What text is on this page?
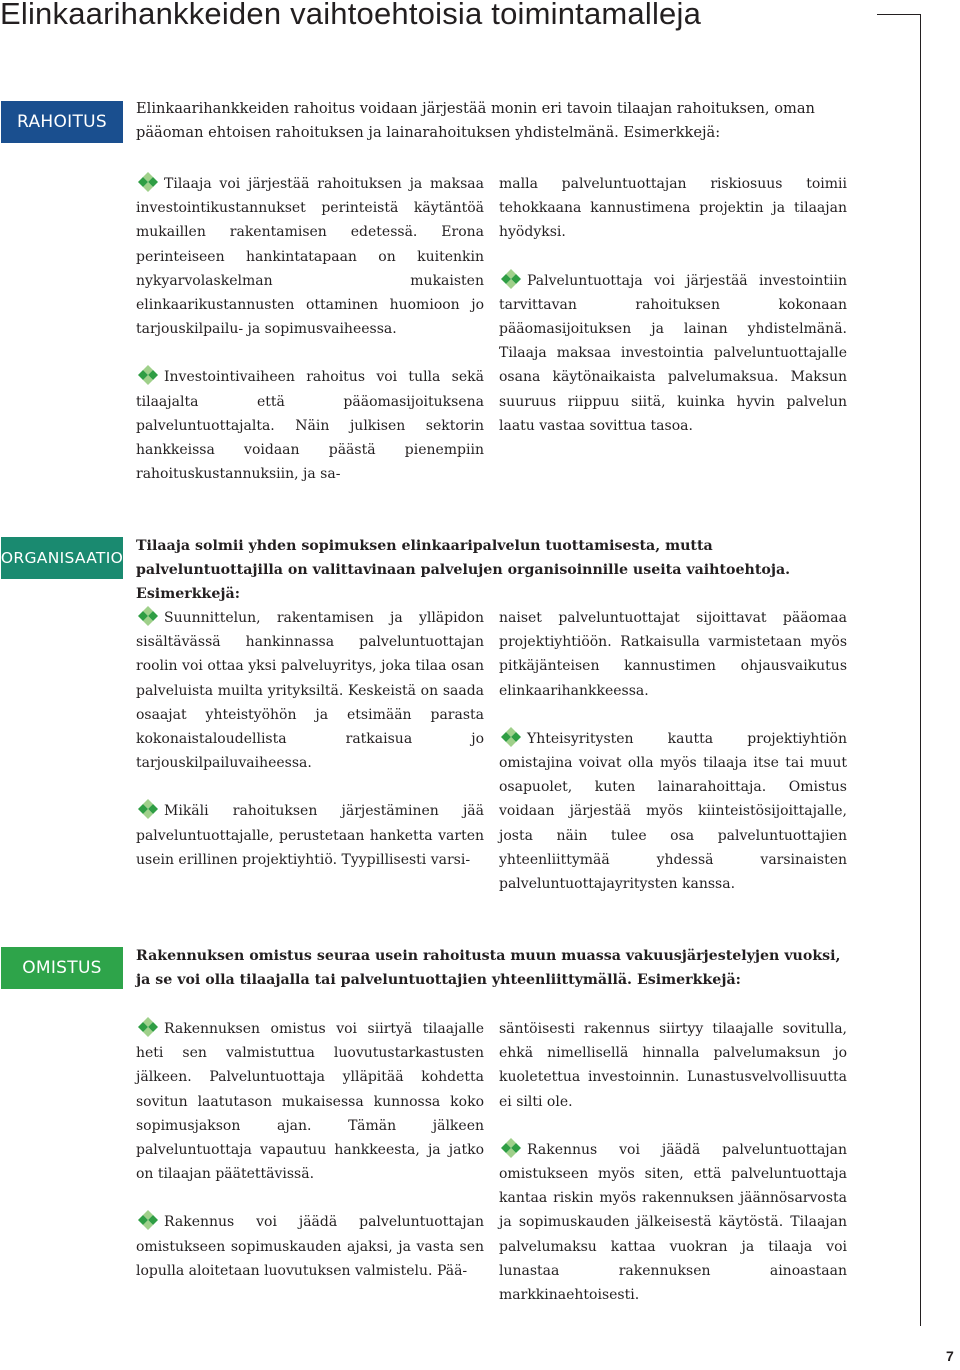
Elinkaarihankkeiden vaihtoehtoisia toimintamalleja
RAHOITUS

Elinkaarihankkeiden rahoitus voidaan järjestää monin eri tavoin tilaajan rahoituksen, oman pääoman ehtoisen rahoituksen ja lainarahoituksen yhdistelmänä. Esimerkkejä:

Tilaaja voi järjestää rahoituksen ja maksaa investointikustannukset perinteistä käytäntöä mukaillen rakentamisen edetessä. Erona perinteiseen hankintatapaan on kuitenkin nykyarvolaskelman mukaisten elinkaarikustannusten ottaminen huomioon jo tarjouskilpailu- ja sopimusvaiheessa.

Investointivaiheen rahoitus voi tulla sekä tilaajalta että pääomasijoituksena palveluntuottajalta. Näin julkisen sektorin hankkeissa voidaan päästä pienempiin rahoituskustannuksiin, ja sa-

malla palveluntuottajan riskiosuus toimii tehokkaana kannustimena projektin ja tilaajan hyödyksi.

Palveluntuottaja voi järjestää investointiin tarvittavan rahoituksen kokonaan pääomasijoituksen ja lainan yhdistelmänä. Tilaaja maksaa investointia palveluntuottajalle osana käytönaikaista palvelumaksua. Maksun suuruus riippuu siitä, kuinka hyvin palvelun laatu vastaa sovittua tasoa.

ORGANISAATIO

Tilaaja solmii yhden sopimuksen elinkaaripalvelun tuottamisesta, mutta palveluntuottajilla on valittavinaan palvelujen organisoinnille useita vaihtoehtoja. Esimerkkejä:

Suunnittelun, rakentamisen ja ylläpidon sisältävässä hankinnassa palveluntuottajan roolin voi ottaa yksi palveluyritys, joka tilaa osan palveluista muilta yrityksiltä. Keskeistä on saada osaajat yhteistyöhön ja etsimään parasta kokonaistaloudellista ratkaisua jo tarjouskilpailuvaiheessa.

Mikäli rahoituksen järjestäminen jää palveluntuottajalle, perustetaan hanketta varten usein erillinen projektiyhtiö. Tyypillisesti varsi-

naiset palveluntuottajat sijoittavat pääomaa projektiyhtiöön. Ratkaisulla varmistetaan myös pitkäjänteisen kannustimen ohjausvaikutus elinkaarihankkeessa.

Yhteisyritysten kautta projektiyhtiön omistajina voivat olla myös tilaaja itse tai muut osapuolet, kuten lainarahoittaja. Omistus voidaan järjestää myös kiinteistösijoittajalle, josta näin tulee osa palveluntuottajien yhteenliittymää yhdessä varsinaisten palveluntuottajayritysten kanssa.

OMISTUS

Rakennuksen omistus seuraa usein rahoitusta muun muassa vakuusjärjestelyjen vuoksi, ja se voi olla tilaajalla tai palveluntuottajien yhteenliittymällä. Esimerkkejä:

Rakennuksen omistus voi siirtyä tilaajalle heti sen valmistuttua luovutustarkastusten jälkeen. Palveluntuottaja ylläpitää kohdetta sovitun laatutason mukaisessa kunnossa koko sopimusjakson ajan. Tämän jälkeen palveluntuottaja vapautuu hankkeesta, ja jatko on tilaajan päätettävissä.

Rakennus voi jäädä palveluntuottajan omistukseen sopimuskauden ajaksi, ja vasta sen lopulla aloitetaan luovutuksen valmistelu. Pää-

säntöisesti rakennus siirtyy tilaajalle sovitulla, ehkä nimellisellä hinnalla palvelumaksun jo kuoletettua investoinnin. Lunastusvelvollisuutta ei silti ole.

Rakennus voi jäädä palveluntuottajan omistukseen myös siten, että palveluntuottaja kantaa riskin myös rakennuksen jäännösarvosta ja sopimuskauden jälkeisestä käytöstä. Tilaajan palvelumaksu kattaa vuokran ja tilaaja voi lunastaa rakennuksen ainoastaan markkinaehtoisesti.

7
